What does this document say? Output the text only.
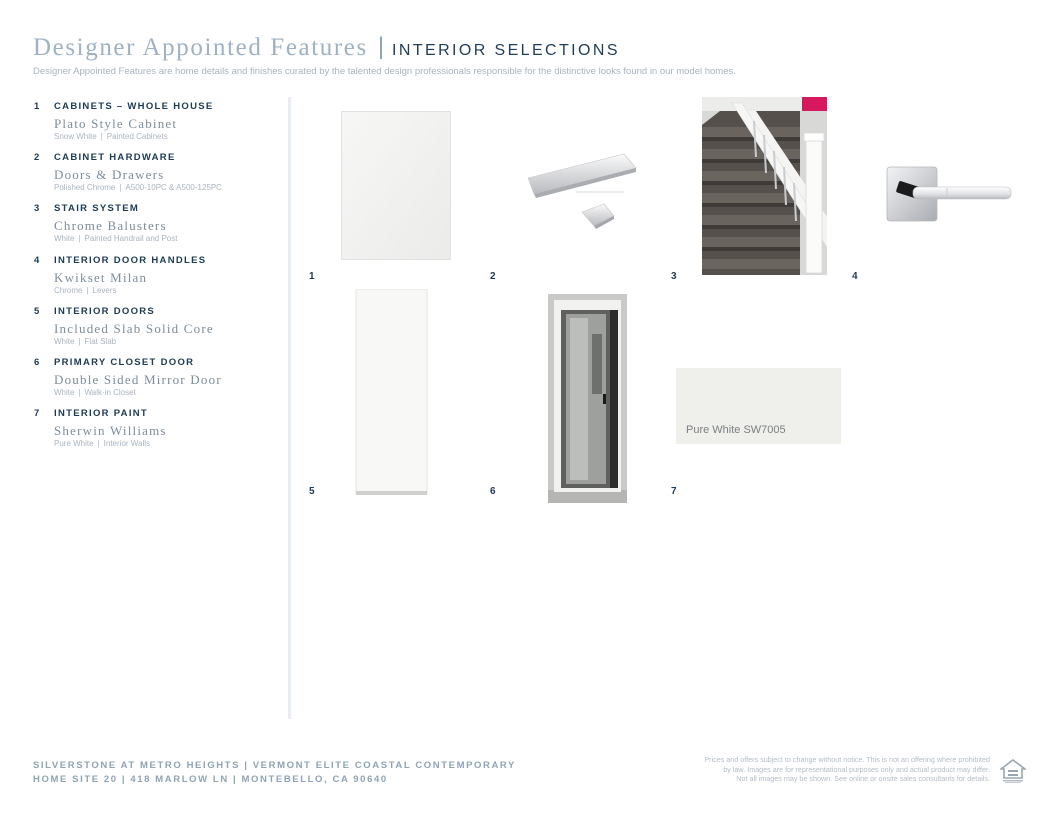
Designer Appointed Features | INTERIOR SELECTIONS
Designer Appointed Features are home details and finishes curated by the talented design professionals responsible for the distinctive looks found in our model homes.
1 CABINETS – WHOLE HOUSE
Plato Style Cabinet
Snow White | Painted Cabinets
2 CABINET HARDWARE
Doors & Drawers
Polished Chrome | A500-10PC & A500-125PC
3 STAIR SYSTEM
Chrome Balusters
White | Painted Handrail and Post
4 INTERIOR DOOR HANDLES
Kwikset Milan
Chrome | Levers
5 INTERIOR DOORS
Included Slab Solid Core
White | Flat Slab
6 PRIMARY CLOSET DOOR
Double Sided Mirror Door
White | Walk-in Closet
7 INTERIOR PAINT
Sherwin Williams
Pure White | Interior Walls
Pure White SW7005
1	2	3	4
5	6	7
SILVERSTONE AT METRO HEIGHTS | VERMONT ELITE COASTAL CONTEMPORARY
HOME SITE 20 | 418 MARLOW LN | MONTEBELLO, CA 90640
Prices and offers subject to change without notice. This is not an offering where prohibited
by law. Images are for representational purposes only and actual product may differ.
Not all images may be shown. See online or onsite sales consultants for details.
